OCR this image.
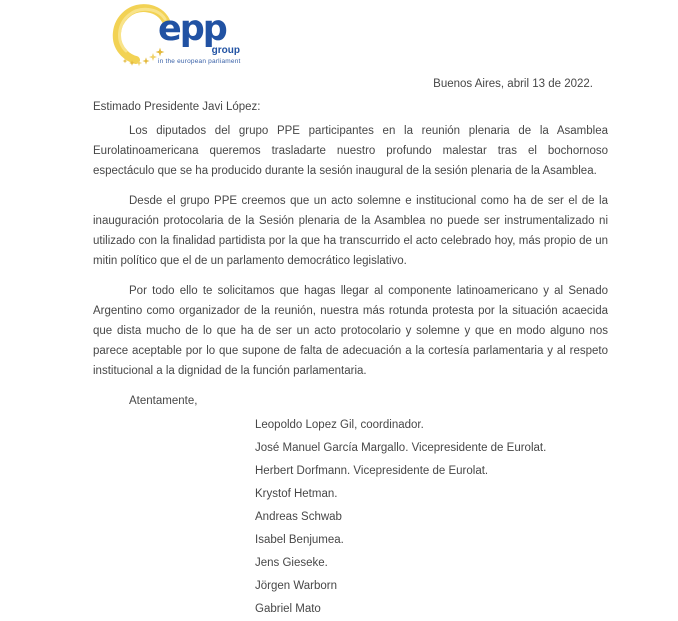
epp
group
in the european parliament
Buenos Aires, abril 13 de 2022.
Estimado Presidente Javi López:

Los diputados del grupo PPE participantes en la reunión plenaria de la Asamblea Eurolatinoamericana queremos trasladarte nuestro profundo malestar tras el bochornoso espectáculo que se ha producido durante la sesión inaugural de la sesión plenaria de la Asamblea.

Desde el grupo PPE creemos que un acto solemne e institucional como ha de ser el de la inauguración protocolaria de la Sesión plenaria de la Asamblea no puede ser instrumentalizado ni utilizado con la finalidad partidista por la que ha transcurrido el acto celebrado hoy, más propio de un mitin político que el de un parlamento democrático legislativo.

Por todo ello te solicitamos que hagas llegar al componente latinoamericano y al Senado Argentino como organizador de la reunión, nuestra más rotunda protesta por la situación acaecida que dista mucho de lo que ha de ser un acto protocolario y solemne y que en modo alguno nos parece aceptable por lo que supone de falta de adecuación a la cortesía parlamentaria y al respeto institucional a la dignidad de la función parlamentaria.

Atentamente,
Leopoldo Lopez Gil, coordinador.
José Manuel García Margallo. Vicepresidente de Eurolat.
Herbert Dorfmann. Vicepresidente de Eurolat.
Krystof Hetman.
Andreas Schwab
Isabel Benjumea.
Jens Gieseke.
Jörgen Warborn
Gabriel Mato
